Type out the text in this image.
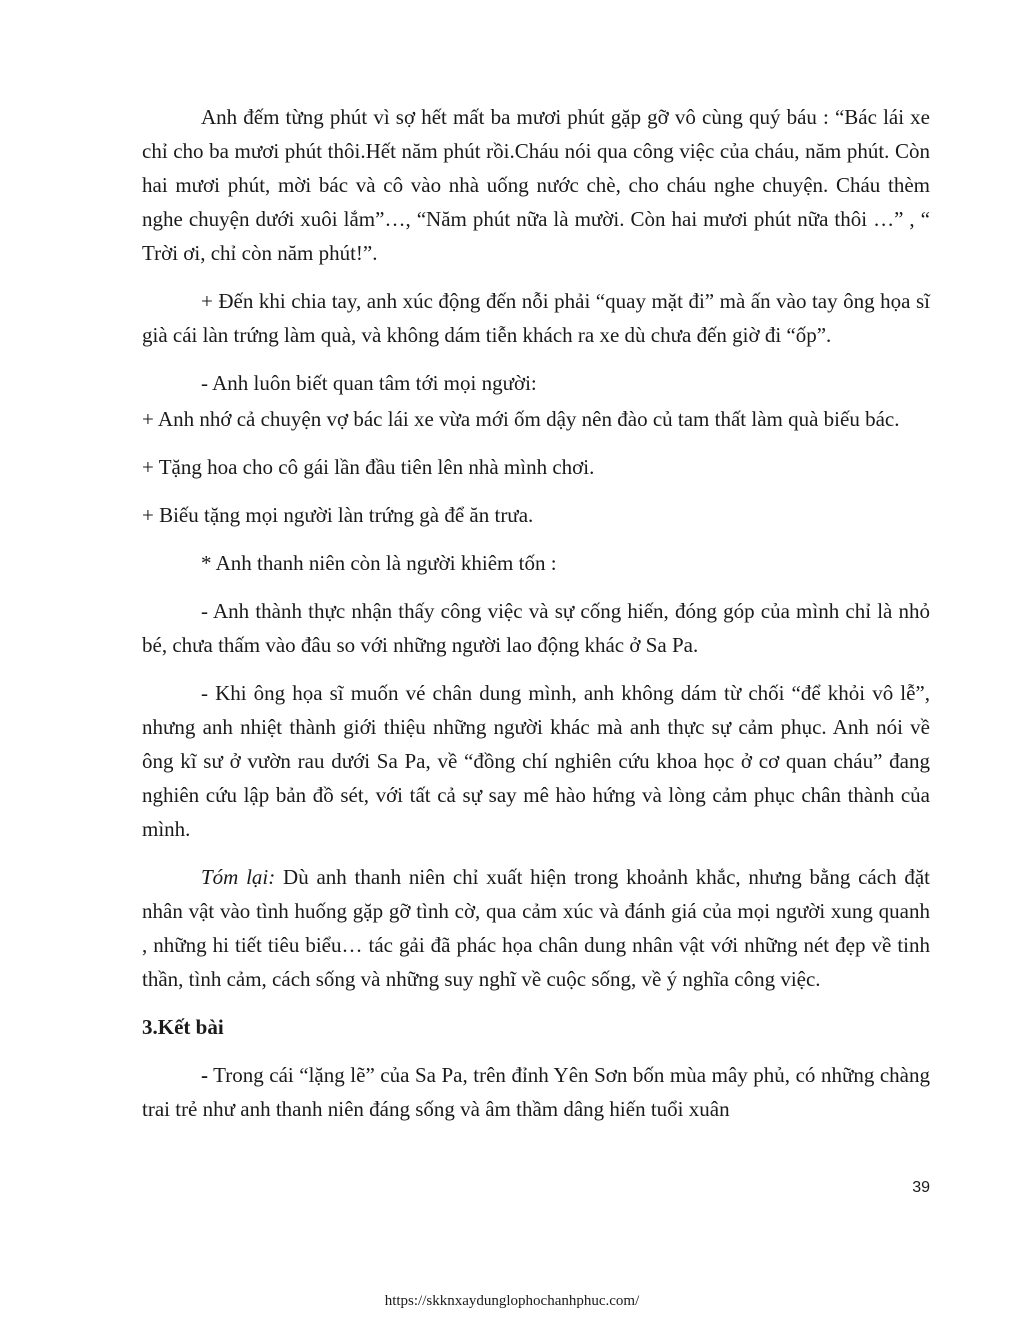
Anh đếm từng phút vì sợ hết mất ba mươi phút gặp gỡ vô cùng quý báu : “Bác lái xe chỉ cho ba mươi phút thôi.Hết năm phút rồi.Cháu nói qua công việc của cháu, năm phút. Còn hai mươi phút, mời bác và cô vào nhà uống nước chè, cho cháu nghe chuyện. Cháu thèm nghe chuyện dưới xuôi lắm”…, “Năm phút nữa là mười. Còn hai mươi phút nữa thôi …” , “ Trời ơi, chỉ còn năm phút!”.

+ Đến khi chia tay, anh xúc động đến nỗi phải “quay mặt đi” mà ấn vào tay ông họa sĩ già cái làn trứng làm quà, và không dám tiễn khách ra xe dù chưa đến giờ đi “ốp”.

- Anh luôn biết quan tâm tới mọi người:

+ Anh nhớ cả chuyện vợ bác lái xe vừa mới ốm dậy nên đào củ tam thất làm quà biếu bác.

+ Tặng hoa cho cô gái lần đầu tiên lên nhà mình chơi.

+ Biếu tặng mọi người làn trứng gà để ăn trưa.

* Anh thanh niên còn là người khiêm tốn :

- Anh thành thực nhận thấy công việc và sự cống hiến, đóng góp của mình chỉ là nhỏ bé, chưa thấm vào đâu so với những người lao động khác ở Sa Pa.

- Khi ông họa sĩ muốn vé chân dung mình, anh không dám từ chối “để khỏi vô lễ”, nhưng anh nhiệt thành giới thiệu những người khác mà anh thực sự cảm phục. Anh nói về ông kĩ sư ở vườn rau dưới Sa Pa, về “đồng chí nghiên cứu khoa học ở cơ quan cháu” đang nghiên cứu lập bản đồ sét, với tất cả sự say mê hào hứng và lòng cảm phục chân thành của mình.

Tóm lại: Dù anh thanh niên chỉ xuất hiện trong khoảnh khắc, nhưng bằng cách đặt nhân vật vào tình huống gặp gỡ tình cờ, qua cảm xúc và đánh giá của mọi người xung quanh , những hi tiết tiêu biểu… tác gải đã phác họa chân dung nhân vật với những nét đẹp về tinh thần, tình cảm, cách sống và những suy nghĩ về cuộc sống, về ý nghĩa công việc.

3.Kết bài

- Trong cái “lặng lẽ” của Sa Pa, trên đỉnh Yên Sơn bốn mùa mây phủ, có những chàng trai trẻ như anh thanh niên đáng sống và âm thầm dâng hiến tuổi xuân

39
https://skknxaydunglophochanhphuc.com/
